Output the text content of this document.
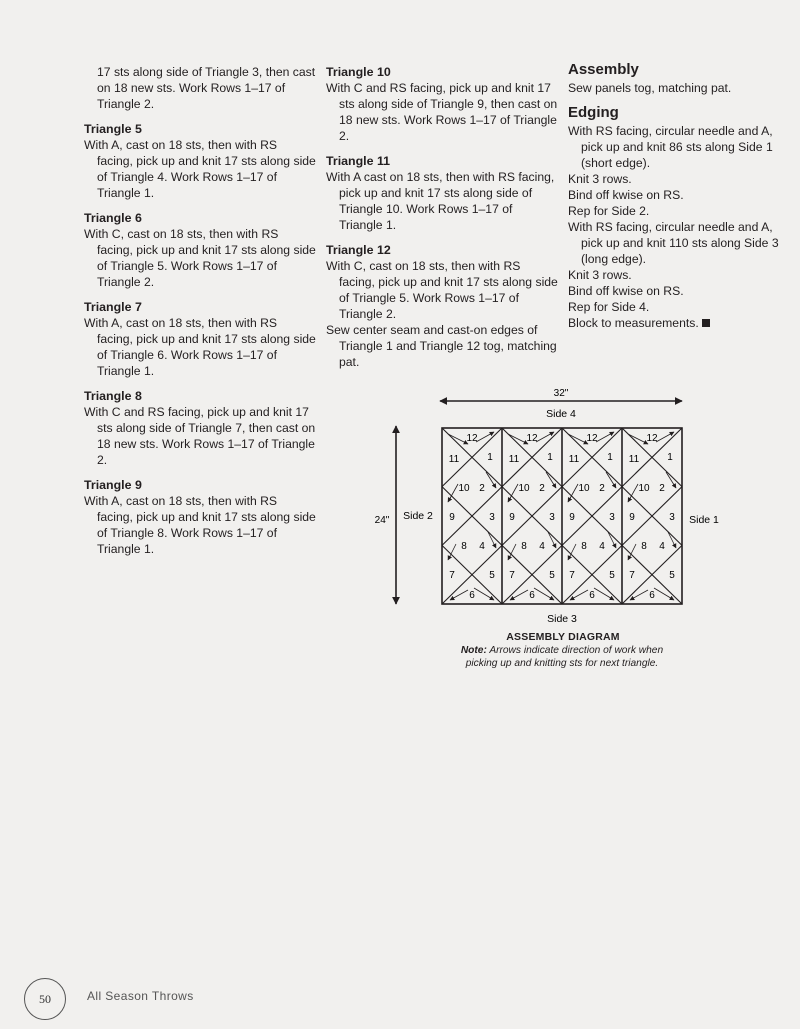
17 sts along side of Triangle 3, then cast on 18 new sts. Work Rows 1–17 of Triangle 2.
Triangle 5
With A, cast on 18 sts, then with RS facing, pick up and knit 17 sts along side of Triangle 4. Work Rows 1–17 of Triangle 1.
Triangle 6
With C, cast on 18 sts, then with RS facing, pick up and knit 17 sts along side of Triangle 5. Work Rows 1–17 of Triangle 2.
Triangle 7
With A, cast on 18 sts, then with RS facing, pick up and knit 17 sts along side of Triangle 6. Work Rows 1–17 of Triangle 1.
Triangle 8
With C and RS facing, pick up and knit 17 sts along side of Triangle 7, then cast on 18 new sts. Work Rows 1–17 of Triangle 2.
Triangle 9
With A, cast on 18 sts, then with RS facing, pick up and knit 17 sts along side of Triangle 8. Work Rows 1–17 of Triangle 1.
Triangle 10
With C and RS facing, pick up and knit 17 sts along side of Triangle 9, then cast on 18 new sts. Work Rows 1–17 of Triangle 2.
Triangle 11
With A cast on 18 sts, then with RS facing, pick up and knit 17 sts along side of Triangle 10. Work Rows 1–17 of Triangle 1.
Triangle 12
With C, cast on 18 sts, then with RS facing, pick up and knit 17 sts along side of Triangle 5. Work Rows 1–17 of Triangle 2.
Sew center seam and cast-on edges of Triangle 1 and Triangle 12 tog, matching pat.
Assembly
Sew panels tog, matching pat.
Edging
With RS facing, circular needle and A, pick up and knit 86 sts along Side 1 (short edge).
Knit 3 rows.
Bind off kwise on RS.
Rep for Side 2.
With RS facing, circular needle and A, pick up and knit 110 sts along Side 3 (long edge).
Knit 3 rows.
Bind off kwise on RS.
Rep for Side 4.
Block to measurements.
32"
24"
Side 4
Side 2	Side 1
Side 3
12
1
11
10 2
9	3
8 4
7	5
6
12
1
11
10 2
9	3
8 4
7	5
6
12
1
11
10 2
9	3
8 4
7	5
6
12
1
11
10 2
9	3
8 4
7	5
6
ASSEMBLY DIAGRAM
Note: Arrows indicate direction of work when picking up and knitting sts for next triangle.
50	All Season Throws
